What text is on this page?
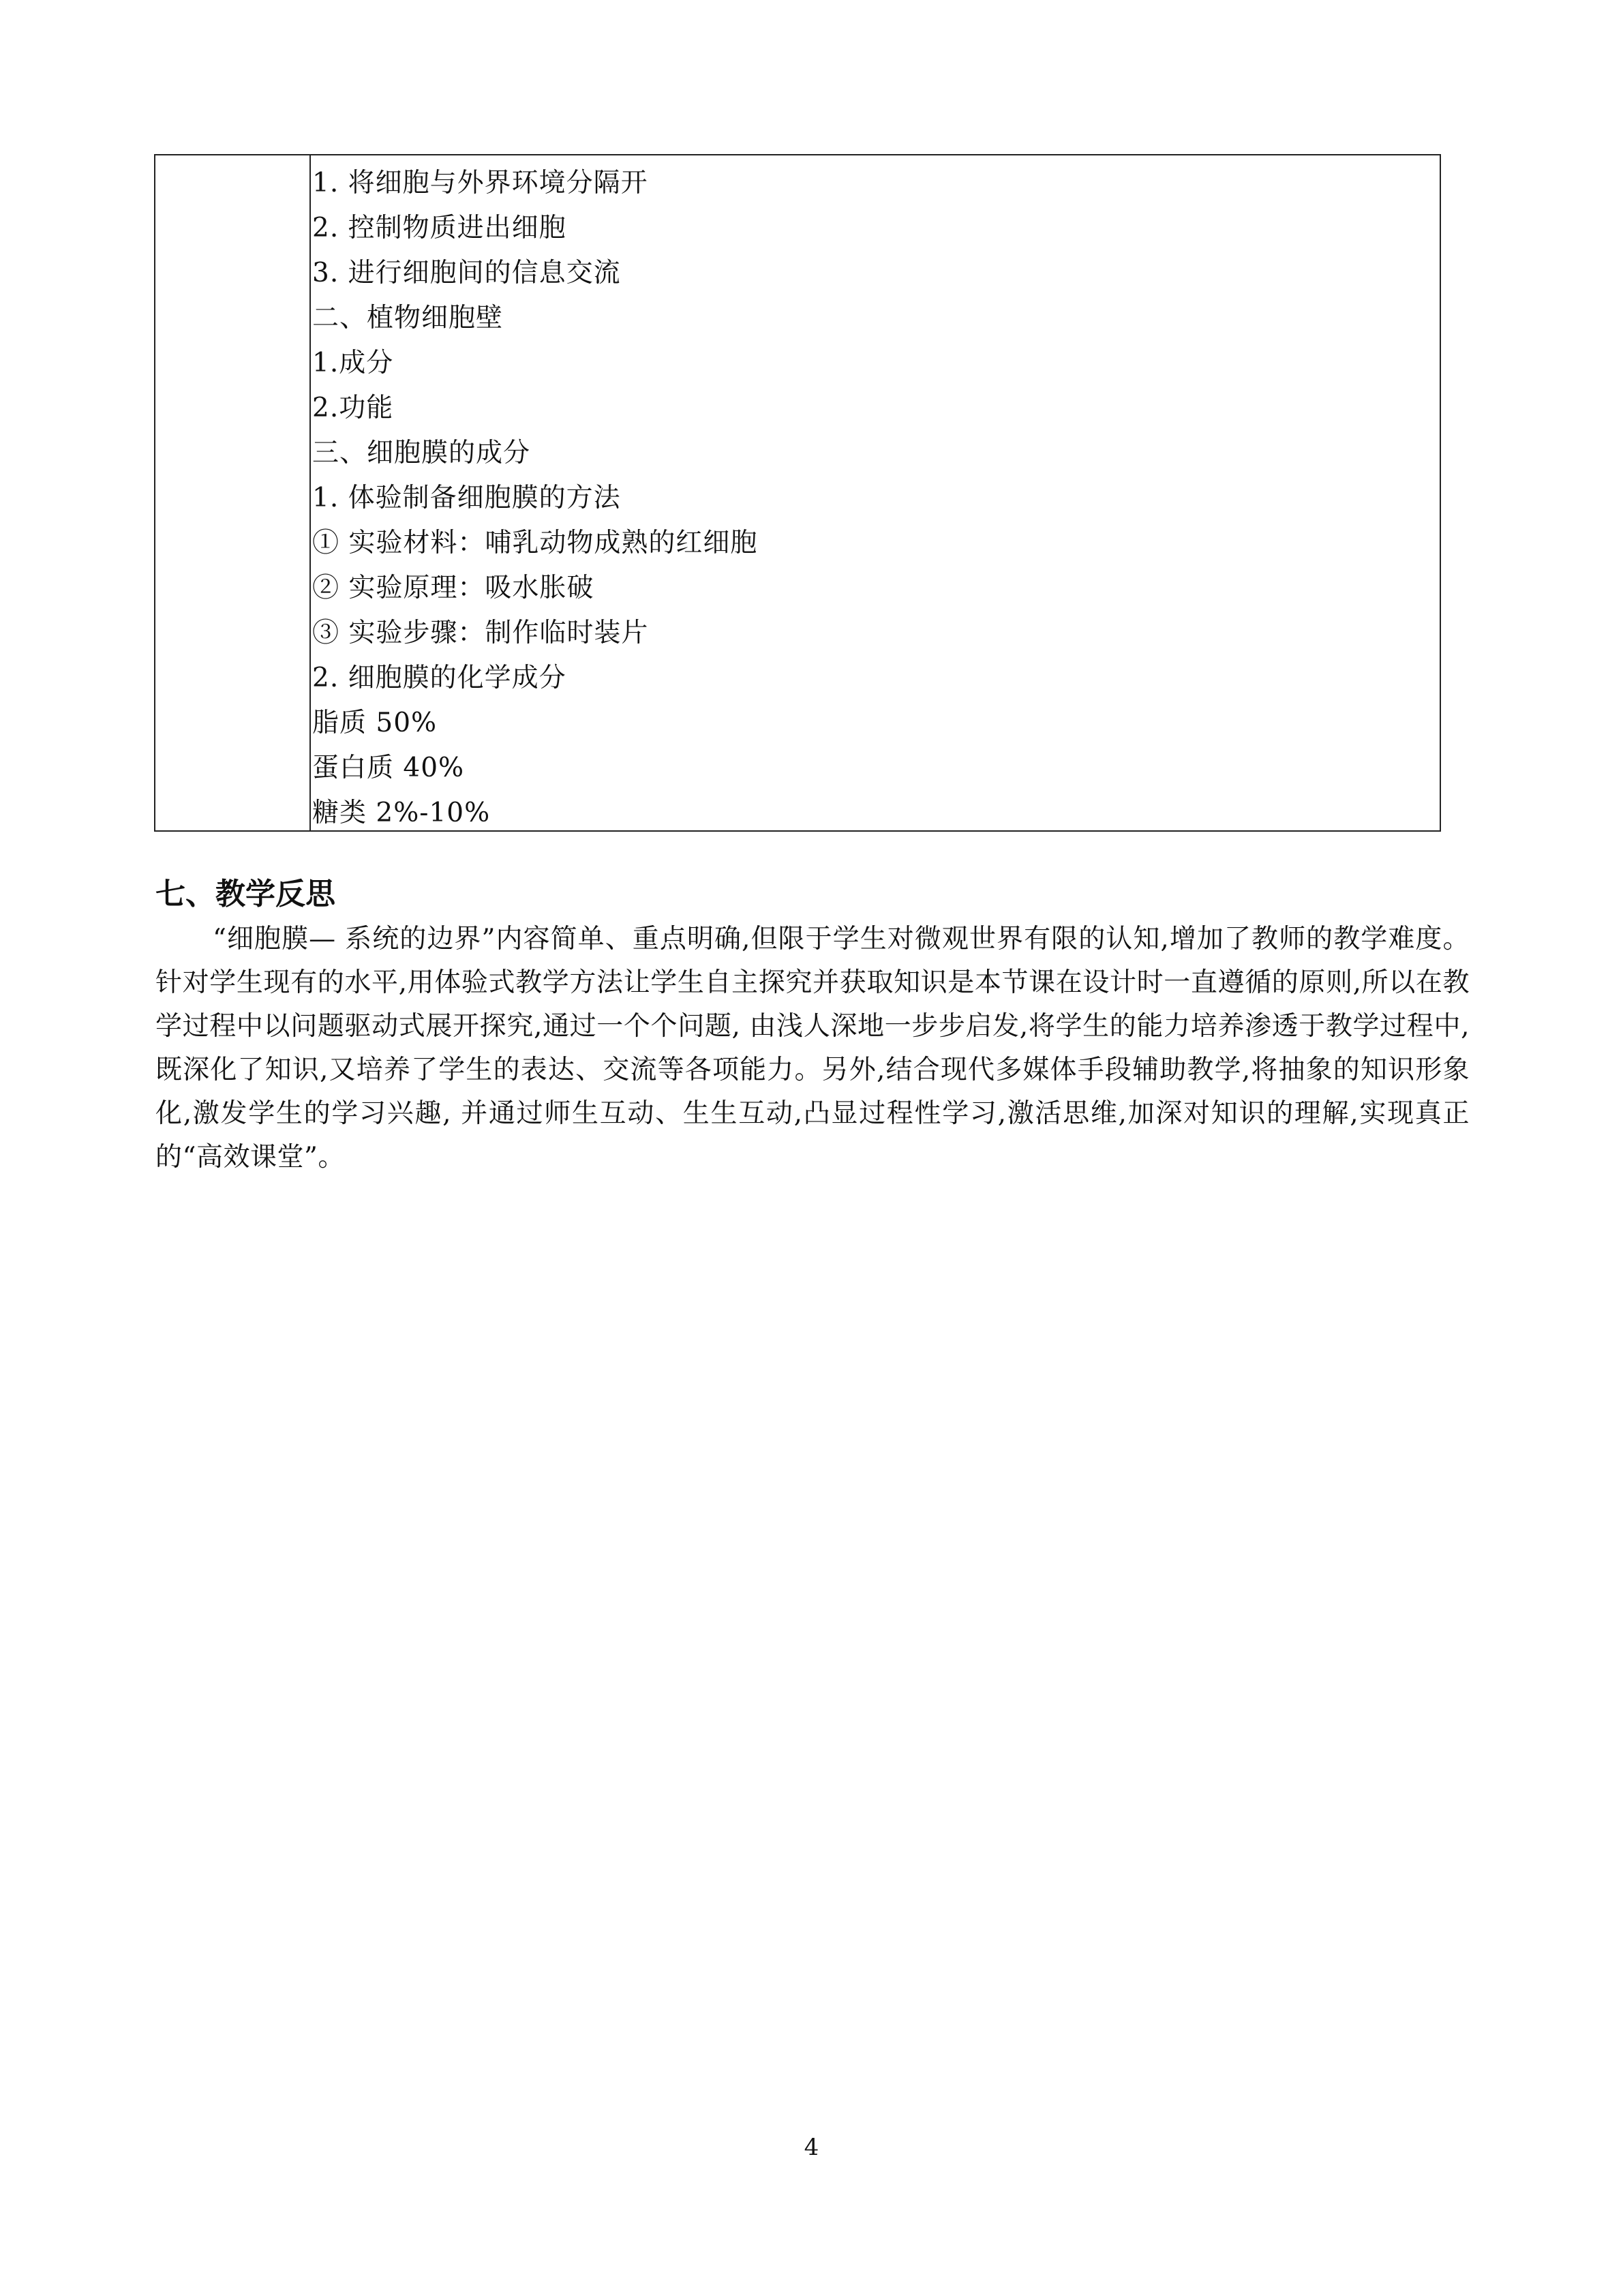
1. 将细胞与外界环境分隔开
2. 控制物质进出细胞
3. 进行细胞间的信息交流
二、植物细胞壁
1.成分
2.功能
三、细胞膜的成分
1. 体验制备细胞膜的方法
① 实验材料：哺乳动物成熟的红细胞
② 实验原理：吸水胀破
③ 实验步骤：制作临时装片
2. 细胞膜的化学成分
脂质 50%
蛋白质 40%
糖类 2%-10%
七、教学反思

“细胞膜— 系统的边界”内容简单、重点明确,但限于学生对微观世界有限的认知,增加了教师的教学难度。针对学生现有的水平,用体验式教学方法让学生自主探究并获取知识是本节课在设计时一直遵循的原则,所以在教学过程中以问题驱动式展开探究,通过一个个问题, 由浅人深地一步步启发,将学生的能力培养渗透于教学过程中, 既深化了知识,又培养了学生的表达、交流等各项能力。另外,结合现代多媒体手段辅助教学,将抽象的知识形象化,激发学生的学习兴趣, 并通过师生互动、生生互动,凸显过程性学习,激活思维,加深对知识的理解,实现真正的“高效课堂”。

4
